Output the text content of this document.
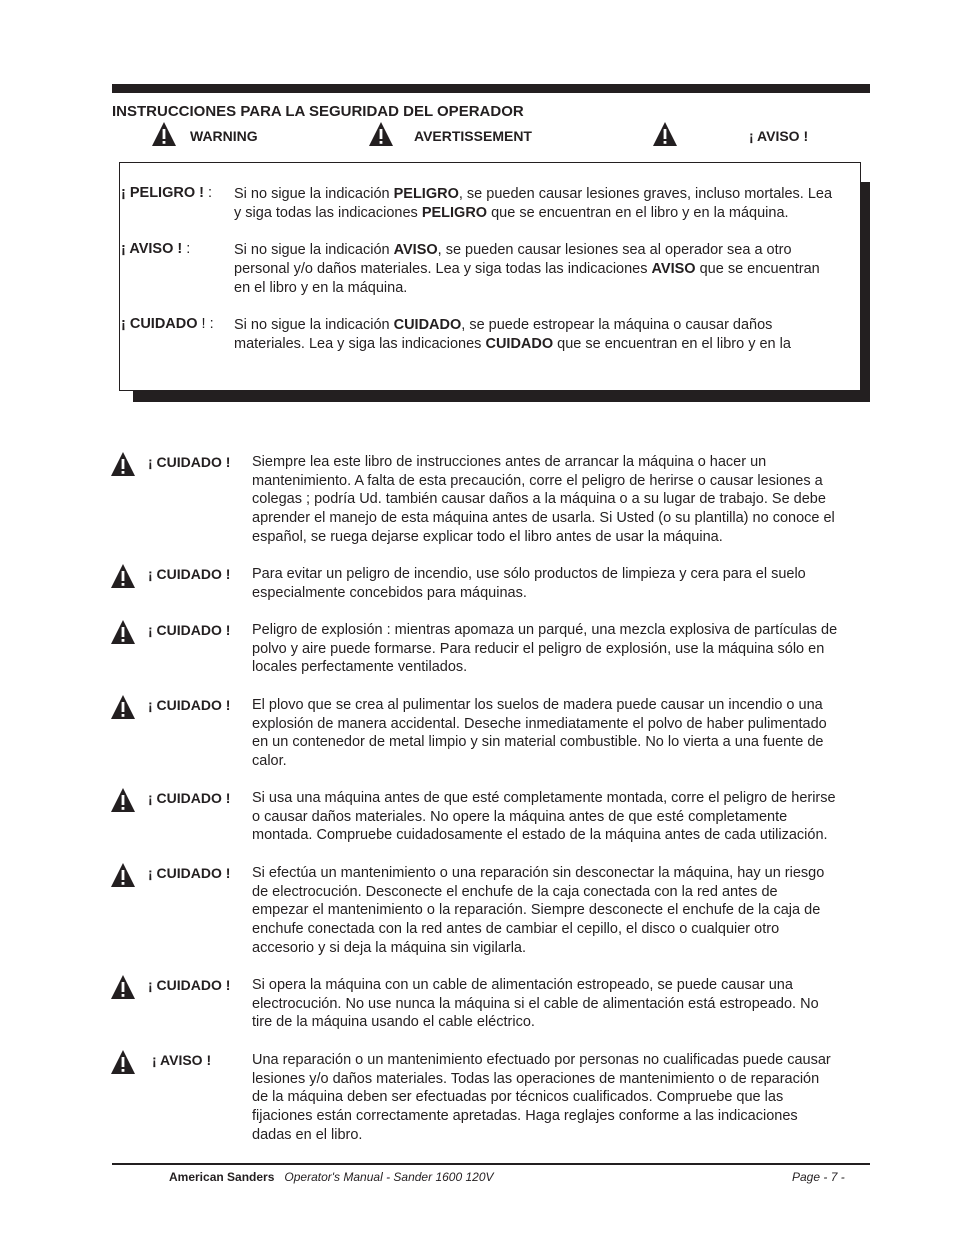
INSTRUCCIONES PARA LA SEGURIDAD DEL OPERADOR
WARNING	AVERTISSEMENT	¡ AVISO !
¡ PELIGRO ! : Si no sigue la indicación PELIGRO, se pueden causar lesiones graves, incluso mortales. Lea
y siga todas las indicaciones PELIGRO que se encuentran en el libro y en la máquina.
¡ AVISO ! :	Si no sigue la indicación AVISO, se pueden causar lesiones sea al operador sea a otro
personal y/o daños materiales. Lea y siga todas las indicaciones AVISO que se encuentran
en el libro y en la máquina.
¡ CUIDADO ! : Si no sigue la indicación CUIDADO, se puede estropear la máquina o causar daños
materiales. Lea y siga las indicaciones CUIDADO que se encuentran en el libro y en la
¡ CUIDADO ! Siempre lea este libro de instrucciones antes de arrancar la máquina o hacer un
mantenimiento. A falta de esta precaución, corre el peligro de herirse o causar lesiones a
colegas ; podría Ud. también causar daños a la máquina o a su lugar de trabajo. Se debe
aprender el manejo de esta máquina antes de usarla. Si Usted (o su plantilla) no conoce el
español, se ruega dejarse explicar todo el libro antes de usar la máquina.
¡ CUIDADO ! Para evitar un peligro de incendio, use sólo productos de limpieza y cera para el suelo
especialmente concebidos para máquinas.
¡ CUIDADO ! Peligro de explosión : mientras apomaza un parqué, una mezcla explosiva de partículas de
polvo y aire puede formarse. Para reducir el peligro de explosión, use la máquina sólo en
locales perfectamente ventilados.
¡ CUIDADO ! El plovo que se crea al pulimentar los suelos de madera puede causar un incendio o una
explosión de manera accidental. Deseche inmediatamente el polvo de haber pulimentado
en un contenedor de metal limpio y sin material combustible. No lo vierta a una fuente de
calor.
¡ CUIDADO ! Si usa una máquina antes de que esté completamente montada, corre el peligro de herirse
o causar daños materiales. No opere la máquina antes de que esté completamente
montada. Compruebe cuidadosamente el estado de la máquina antes de cada utilización.
¡ CUIDADO ! Si efectúa un mantenimiento o una reparación sin desconectar la máquina, hay un riesgo
de electrocución. Desconecte el enchufe de la caja conectada con la red antes de
empezar el mantenimiento o la reparación. Siempre desconecte el enchufe de la caja de
enchufe conectada con la red antes de cambiar el cepillo, el disco o cualquier otro
accesorio y si deja la máquina sin vigilarla.
¡ CUIDADO ! Si opera la máquina con un cable de alimentación estropeado, se puede causar una
electrocución. No use nunca la máquina si el cable de alimentación está estropeado. No
tire de la máquina usando el cable eléctrico.
¡ AVISO !	Una reparación o un mantenimiento efectuado por personas no cualificadas puede causar
lesiones y/o daños materiales. Todas las operaciones de mantenimiento o de reparación
de la máquina deben ser efectuadas por técnicos cualificados. Compruebe que las
fijaciones están correctamente apretadas. Haga reglajes conforme a las indicaciones
dadas en el libro.
American Sanders Operator's Manual - Sander 1600 120V	Page - 7 -
